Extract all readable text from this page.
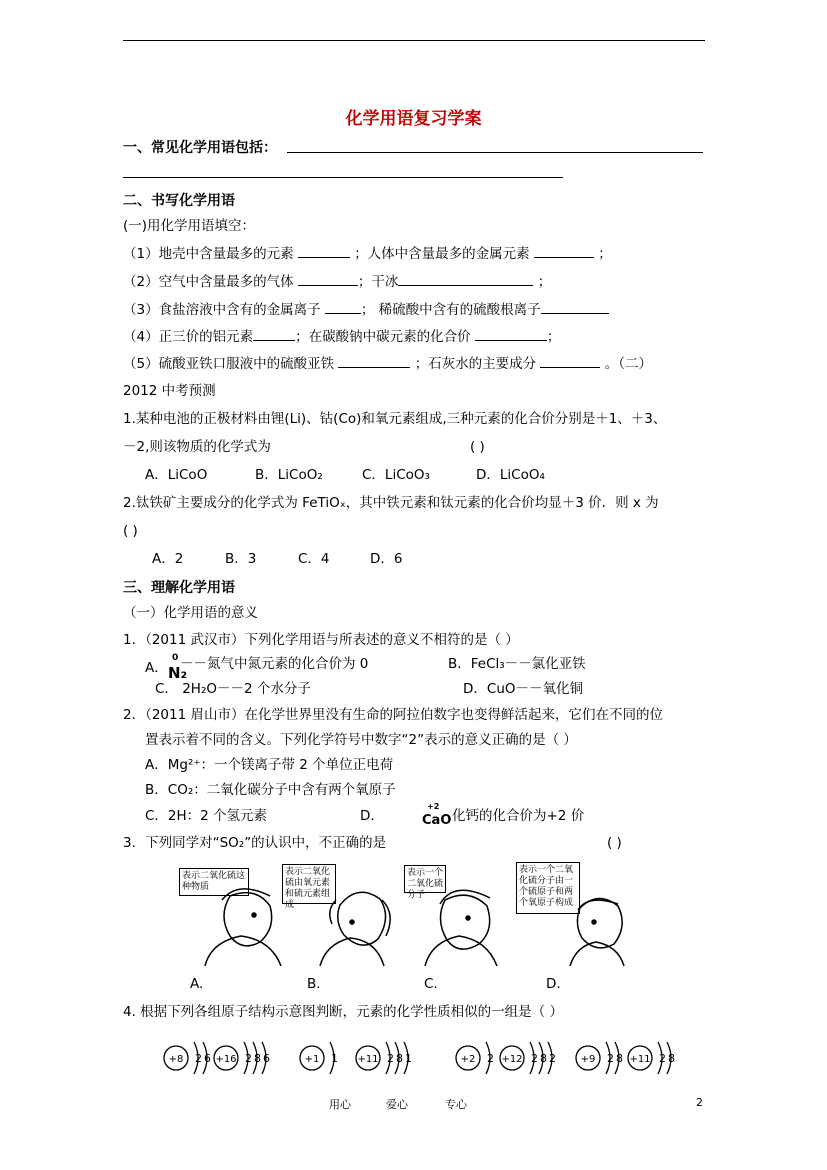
化学用语复习学案
一、常见化学用语包括：
二、书写化学用语
(一)用化学用语填空：
（1）地壳中含量最多的元素	；人体中含量最多的金属元素	；
（2）空气中含量最多的气体	；干冰	；
（3）食盐溶液中含有的金属离子	； 稀硫酸中含有的硫酸根离子
（4）正三价的铝元素	；在碳酸钠中碳元素的化合价	；
（5）硫酸亚铁口服液中的硫酸亚铁	；石灰水的主要成分	。（二）
2012 中考预测
1.某种电池的正极材料由锂(Li)、钴(Co)和氧元素组成,三种元素的化合价分别是＋1、＋3、
－2,则该物质的化学式为	( )
A．LiCoO	B．LiCoO₂	C．LiCoO₃	D．LiCoO₄
2.钛铁矿主要成分的化学式为 FeTiOₓ，其中铁元素和钛元素的化合价均显＋3 价．则 x 为
( )
A．2	B．3	C．4	D．6
三、理解化学用语
（一）化学用语的意义
1．（2011 武汉市）下列化学用语与所表述的意义不相符的是（ ）
A．
0
N₂
－－氮气中氮元素的化合价为 0	B．FeCl₃－－氯化亚铁
C． 2H₂O－－2 个水分子	D．CuO－－氧化铜
2．（2011 眉山市）在化学世界里没有生命的阿拉伯数字也变得鲜活起来，它们在不同的位
置表示着不同的含义。下列化学符号中数字“2”表示的意义正确的是（ ）
A．Mg²⁺：一个镁离子带 2 个单位正电荷
B．CO₂：二氧化碳分子中含有两个氧原子
C．2H：2 个氢元素	D．
+2
CaO 化钙的化合价为+2 价
3．下列同学对“SO₂”的认识中，不正确的是	( )
表示二氧化硫这种物质
表示二氧化硫由氧元素和硫元素组成
表示一个二氧化硫分子
表示一个二氧化硫分子由一个硫原子和两个氧原子构成
A.	B.	C.	D.
4. 根据下列各组原子结构示意图判断，元素的化学性质相似的一组是（ ）
+8 2 6 +16 2 8 6	+1 1 +11 2 8 1	+2 2 +12 2 8 2 +9 2 8 +11 2 8
用心	爱心	专心	2
